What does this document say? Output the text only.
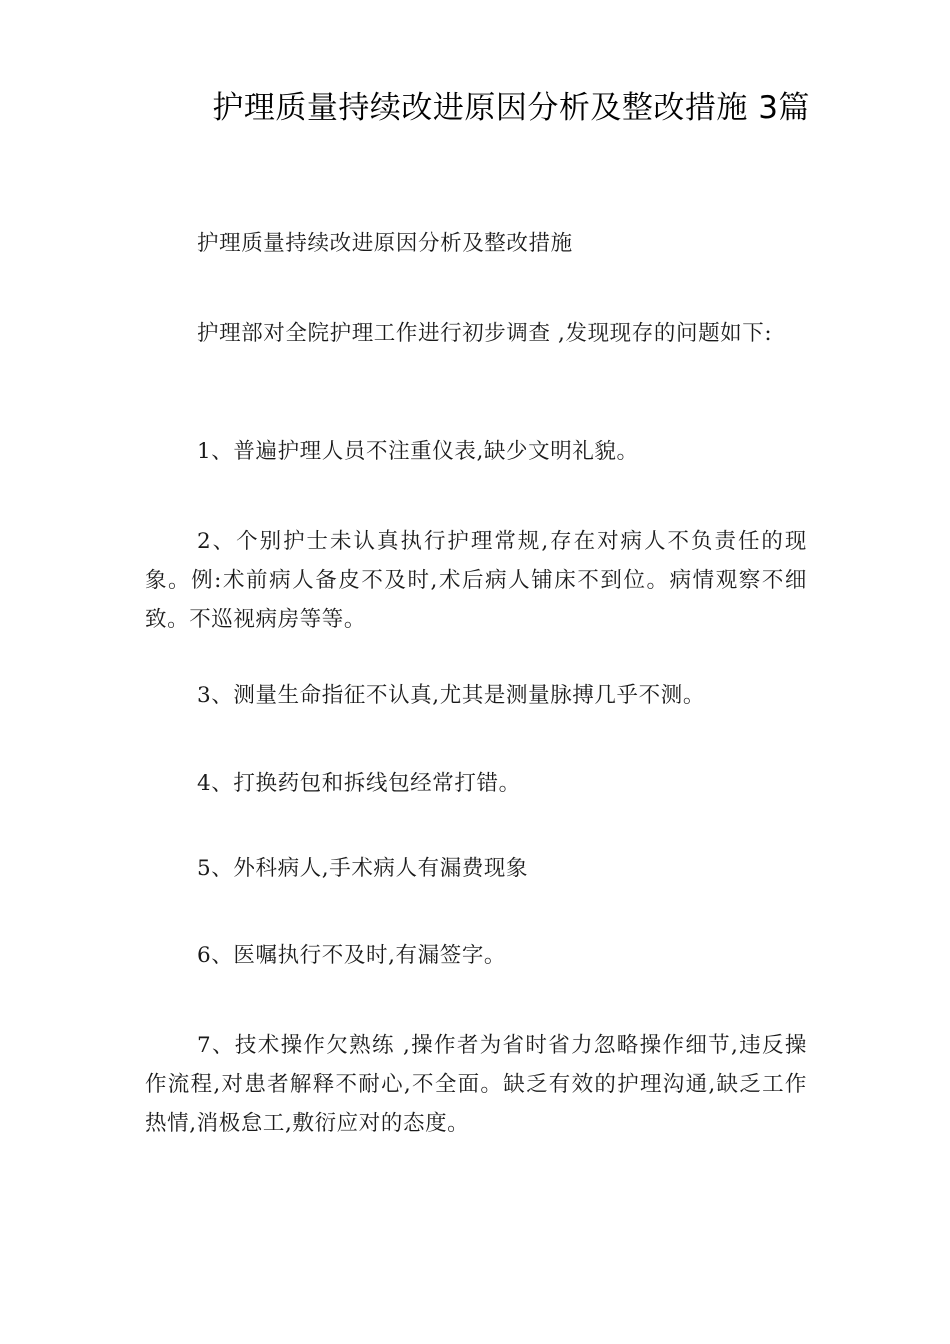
护理质量持续改进原因分析及整改措施 3篇

护理质量持续改进原因分析及整改措施

护理部对全院护理工作进行初步调查 ,发现现存的问题如下:

1、普遍护理人员不注重仪表,缺少文明礼貌。

2、个别护士未认真执行护理常规,存在对病人不负责任的现象。例:术前病人备皮不及时,术后病人铺床不到位。病情观察不细致。不巡视病房等等。

3、测量生命指征不认真,尤其是测量脉搏几乎不测。

4、打换药包和拆线包经常打错。

5、外科病人,手术病人有漏费现象

6、医嘱执行不及时,有漏签字。

7、技术操作欠熟练 ,操作者为省时省力忽略操作细节,违反操作流程,对患者解释不耐心,不全面。缺乏有效的护理沟通,缺乏工作热情,消极怠工,敷衍应对的态度。
